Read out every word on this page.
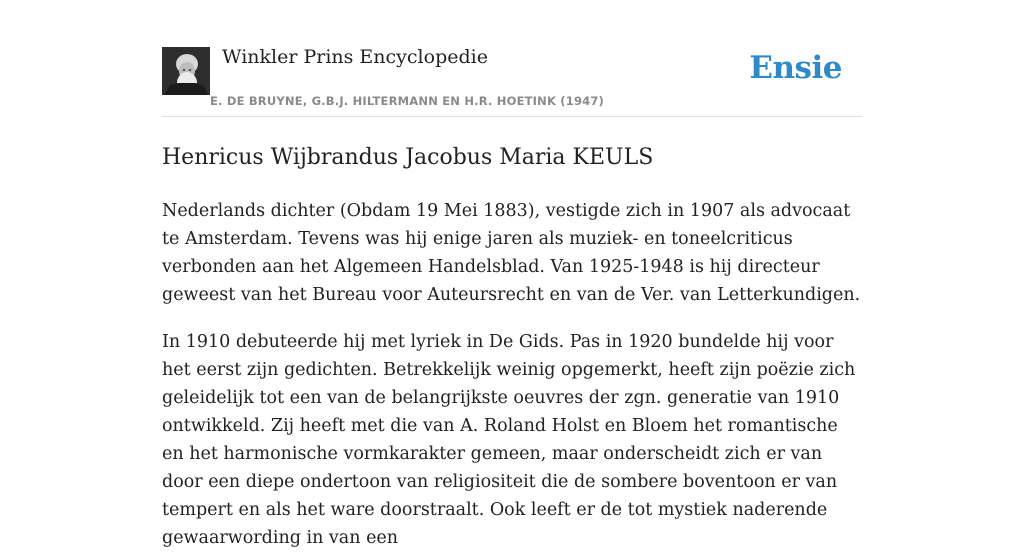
Winkler Prins Encyclopedie
E. DE BRUYNE, G.B.J. HILTERMANN EN H.R. HOETINK (1947)
Ensie
Henricus Wijbrandus Jacobus Maria KEULS

Nederlands dichter (Obdam 19 Mei 1883), vestigde zich in 1907 als advocaat te Amsterdam. Tevens was hij enige jaren als muziek- en toneelcriticus verbonden aan het Algemeen Handelsblad. Van 1925-1948 is hij directeur geweest van het Bureau voor Auteursrecht en van de Ver. van Letterkundigen.

In 1910 debuteerde hij met lyriek in De Gids. Pas in 1920 bundelde hij voor het eerst zijn gedichten. Betrekkelijk weinig opgemerkt, heeft zijn poëzie zich geleidelijk tot een van de belangrijkste oeuvres der zgn. generatie van 1910 ontwikkeld. Zij heeft met die van A. Roland Holst en Bloem het romantische en het harmonische vormkarakter gemeen, maar onderscheidt zich er van door een diepe ondertoon van religiositeit die de sombere boventoon er van tempert en als het ware doorstraalt. Ook leeft er de tot mystiek naderende gewaarwording in van een
